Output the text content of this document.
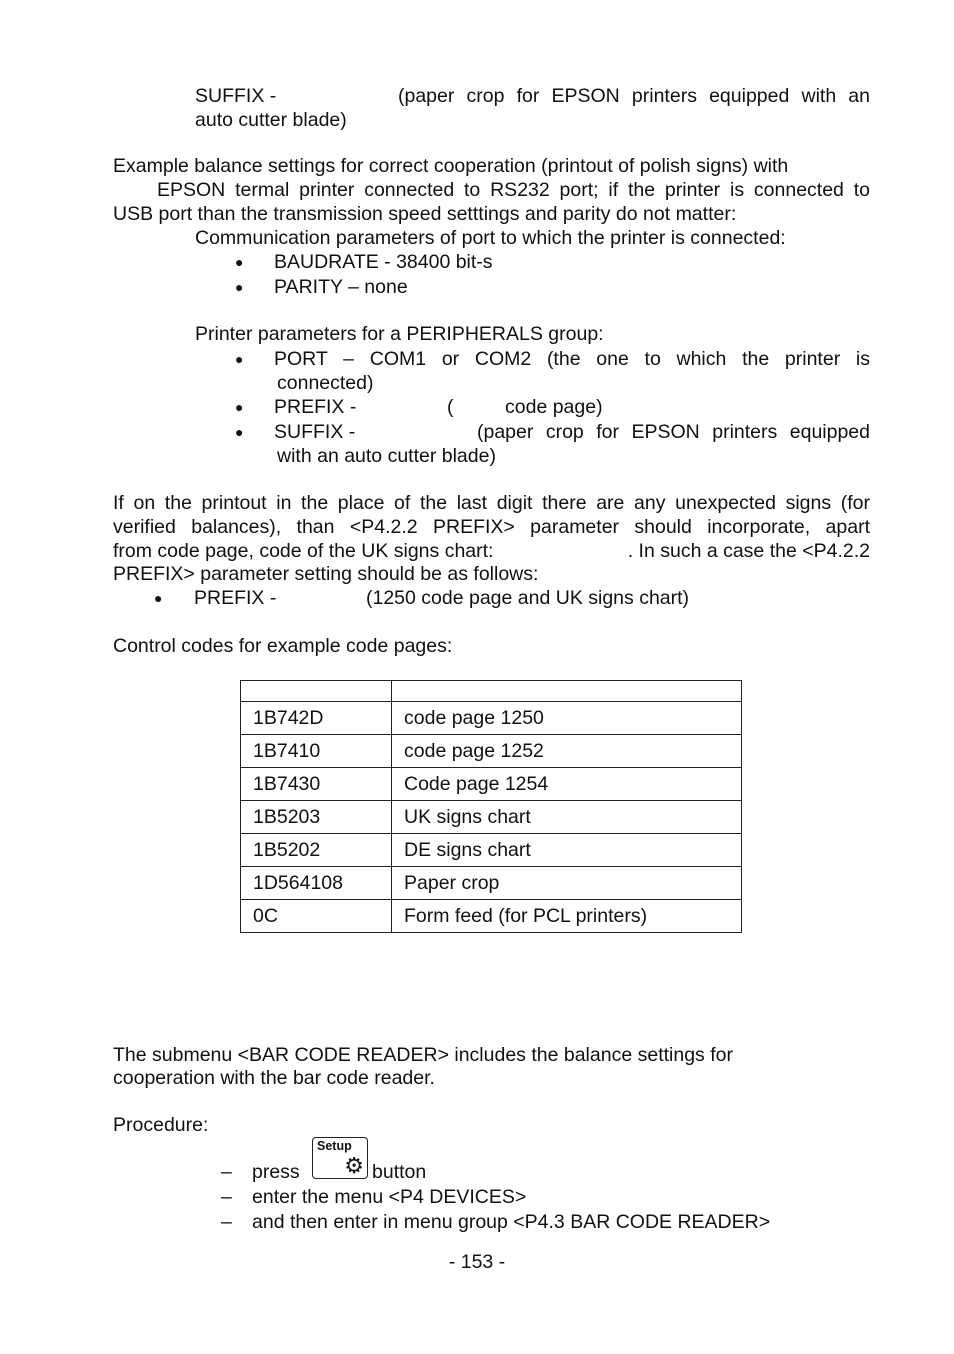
SUFFIX -	(paper crop for EPSON printers equipped with an
auto cutter blade)
Example balance settings for correct cooperation (printout of polish signs) with
EPSON termal printer connected to RS232 port; if the printer is connected to
USB port than the transmission speed setttings and parity do not matter:
Communication parameters of port to which the printer is connected:
● BAUDRATE - 38400 bit-s
● PARITY – none
Printer parameters for a PERIPHERALS group:
● PORT – COM1 or COM2 (the one to which the printer is
connected)
● PREFIX -	(	code page)
● SUFFIX -	(paper crop for EPSON printers equipped
with an auto cutter blade)
If on the printout in the place of the last digit there are any unexpected signs (for
verified balances), than <P4.2.2 PREFIX> parameter should incorporate, apart
from code page, code of the UK signs chart:	. In such a case the <P4.2.2
PREFIX> parameter setting should be as follows:
● PREFIX -	(1250 code page and UK signs chart)
Control codes for example code pages:

1B742D	code page 1250
1B7410	code page 1252
1B7430	Code page 1254
1B5203	UK signs chart
1B5202	DE signs chart
1D564108	Paper crop
0C	Form feed (for PCL printers)
The submenu <BAR CODE READER> includes the balance settings for
cooperation with the bar code reader.
Procedure:
– press
Setup
⚙ button
– enter the menu <P4 DEVICES>
– and then enter in menu group <P4.3 BAR CODE READER>
- 153 -
